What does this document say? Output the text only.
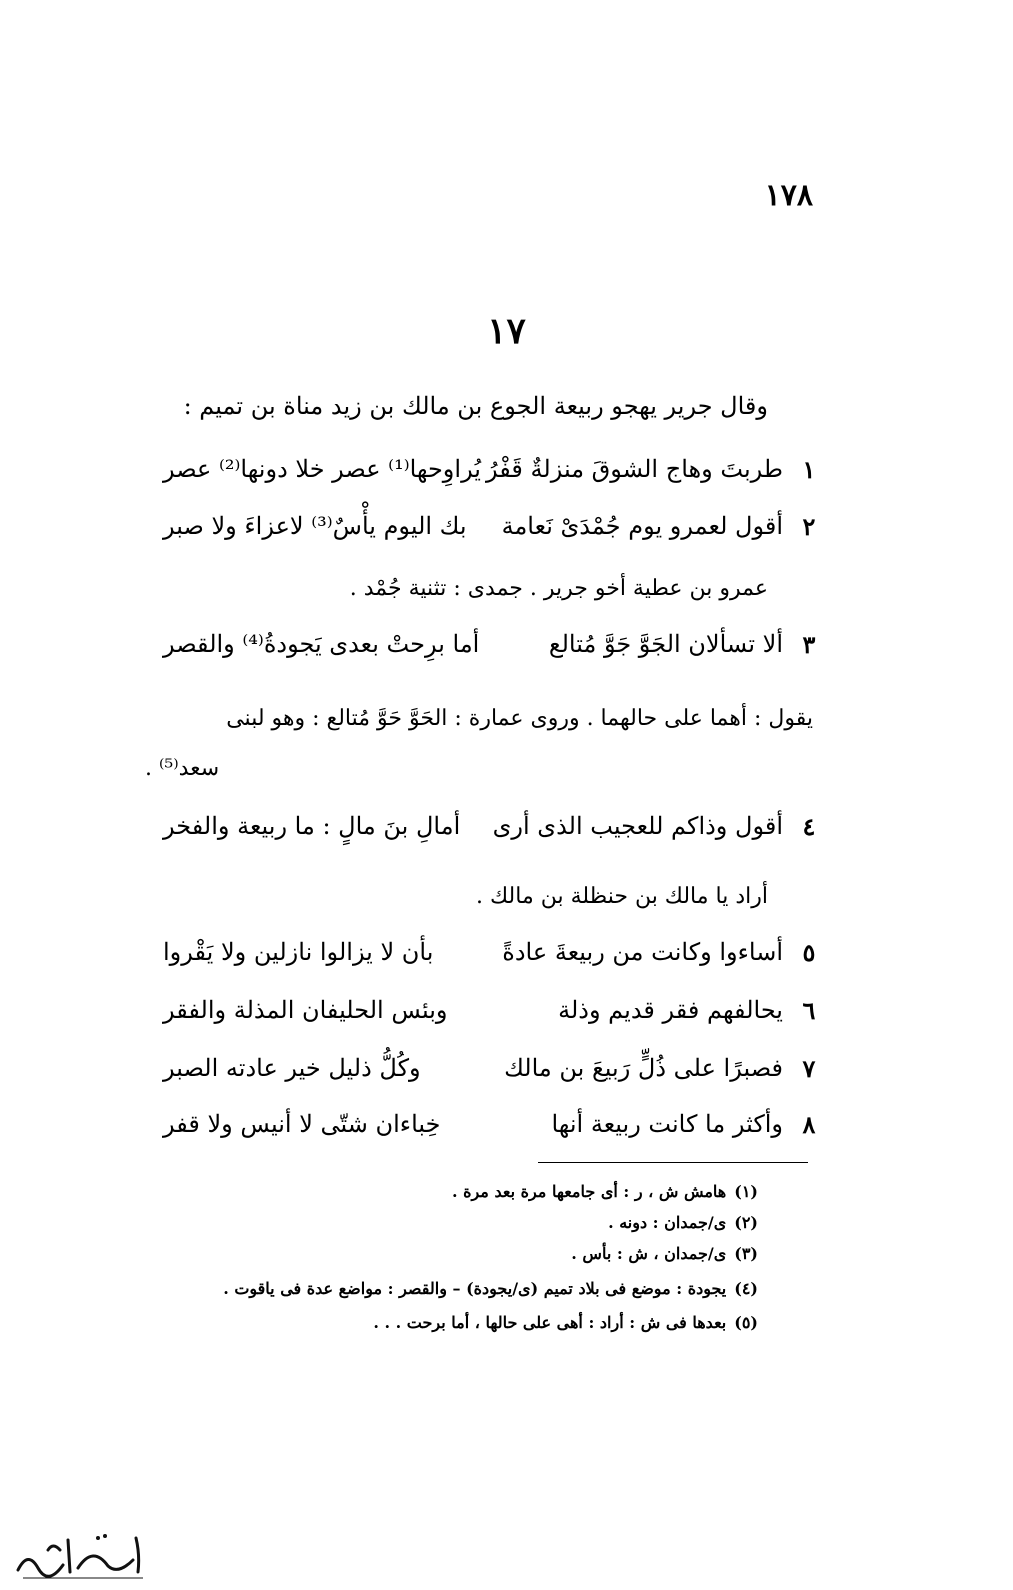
١٧٨
١٧
وقال جرير يهجو ربيعة الجوع بن مالك بن زيد مناة بن تميم :
١
طربتَ وهاج الشوقَ منزلةٌ قَفْرُ
يُراوِحها⁽¹⁾ عصر خلا دونها⁽²⁾ عصر
٢
أقول لعمرو يوم جُمْدَىْ نَعامة
بك اليوم يأْسٌ⁽³⁾ لاعزاءَ ولا صبر
عمرو بن عطية أخو جرير . جمدى : تثنية جُمْد .
٣
ألا تسألان الجَوَّ جَوَّ مُتالع
أما برِحتْ بعدى يَجودةُ⁽⁴⁾ والقصر
يقول : أهما على حالهما . وروى عمارة : الحَوَّ حَوَّ مُتالع : وهو لبنى
سعد⁽⁵⁾ .
٤
أقول وذاكم للعجيب الذى أرى
أمالِ بنَ مالٍ : ما ربيعة والفخر
أراد يا مالك بن حنظلة بن مالك .
٥
أساءوا وكانت من ربيعةَ عادةً
بأن لا يزالوا نازلين ولا يَقْروا
٦
يحالفهم فقر قديم وذلة
وبئس الحليفان المذلة والفقر
٧
فصبرًا على ذُلٍّ رَبيعَ بن مالك
وكُلُّ ذليل خير عادته الصبر
٨
وأكثر ما كانت ربيعة أنها
خِباءان شتّى لا أنيس ولا قفر
(١)هامش ش ، ر : أى جامعها مرة بعد مرة .
(٢)ى/جمدان : دونه .
(٣)ى/جمدان ، ش : بأس .
(٤)يجودة : موضع فى بلاد تميم (ى/يجودة) – والقصر : مواضع عدة فى ياقوت .
(٥)بعدها فى ش : أراد : أهى على حالها ، أما برحت . . .
